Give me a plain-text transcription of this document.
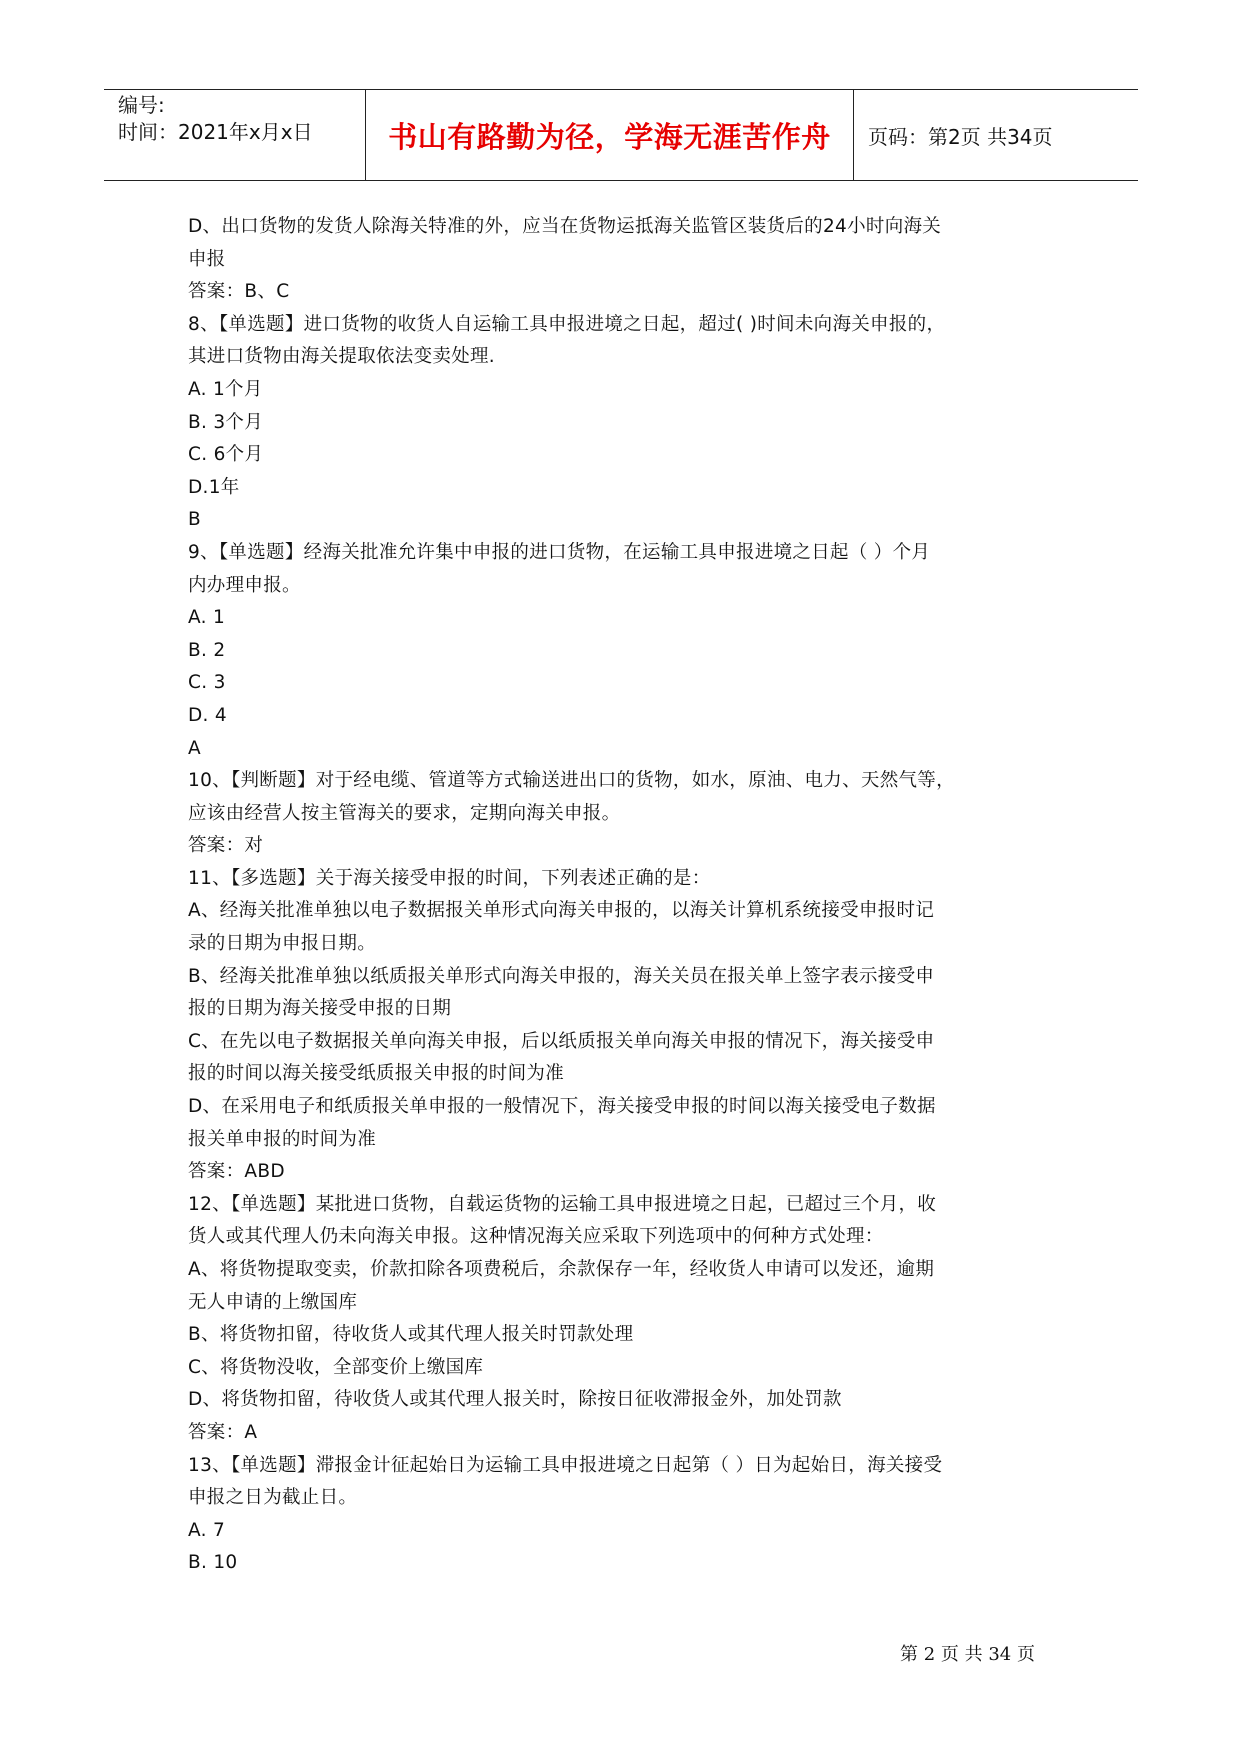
编号:
时间：2021年x月x日	书山有路勤为径，学海无涯苦作舟	页码：第2页 共34页

D、出口货物的发货人除海关特准的外，应当在货物运抵海关监管区装货后的24小时向海关

申报

答案：B、C

8、【单选题】进口货物的收货人自运输工具申报进境之日起，超过( )时间未向海关申报的，

其进口货物由海关提取依法变卖处理.

A. 1个月

B. 3个月

C. 6个月

D.1年

B

9、【单选题】经海关批准允许集中申报的进口货物，在运输工具申报进境之日起（ ）个月

内办理申报。

A. 1

B. 2

C. 3

D. 4

A

10、【判断题】对于经电缆、管道等方式输送进出口的货物，如水，原油、电力、天然气等，

应该由经营人按主管海关的要求，定期向海关申报。

答案：对

11、【多选题】关于海关接受申报的时间，下列表述正确的是：

A、经海关批准单独以电子数据报关单形式向海关申报的，以海关计算机系统接受申报时记

录的日期为申报日期。

B、经海关批准单独以纸质报关单形式向海关申报的，海关关员在报关单上签字表示接受申

报的日期为海关接受申报的日期

C、在先以电子数据报关单向海关申报，后以纸质报关单向海关申报的情况下，海关接受申

报的时间以海关接受纸质报关申报的时间为准

D、在采用电子和纸质报关单申报的一般情况下，海关接受申报的时间以海关接受电子数据

报关单申报的时间为准

答案：ABD

12、【单选题】某批进口货物，自载运货物的运输工具申报进境之日起，已超过三个月，收

货人或其代理人仍未向海关申报。这种情况海关应采取下列选项中的何种方式处理：

A、将货物提取变卖，价款扣除各项费税后，余款保存一年，经收货人申请可以发还，逾期

无人申请的上缴国库

B、将货物扣留，待收货人或其代理人报关时罚款处理

C、将货物没收，全部变价上缴国库

D、将货物扣留，待收货人或其代理人报关时，除按日征收滞报金外，加处罚款

答案：A

13、【单选题】滞报金计征起始日为运输工具申报进境之日起第（ ）日为起始日，海关接受

申报之日为截止日。

A. 7

B. 10

第 2 页 共 34 页
